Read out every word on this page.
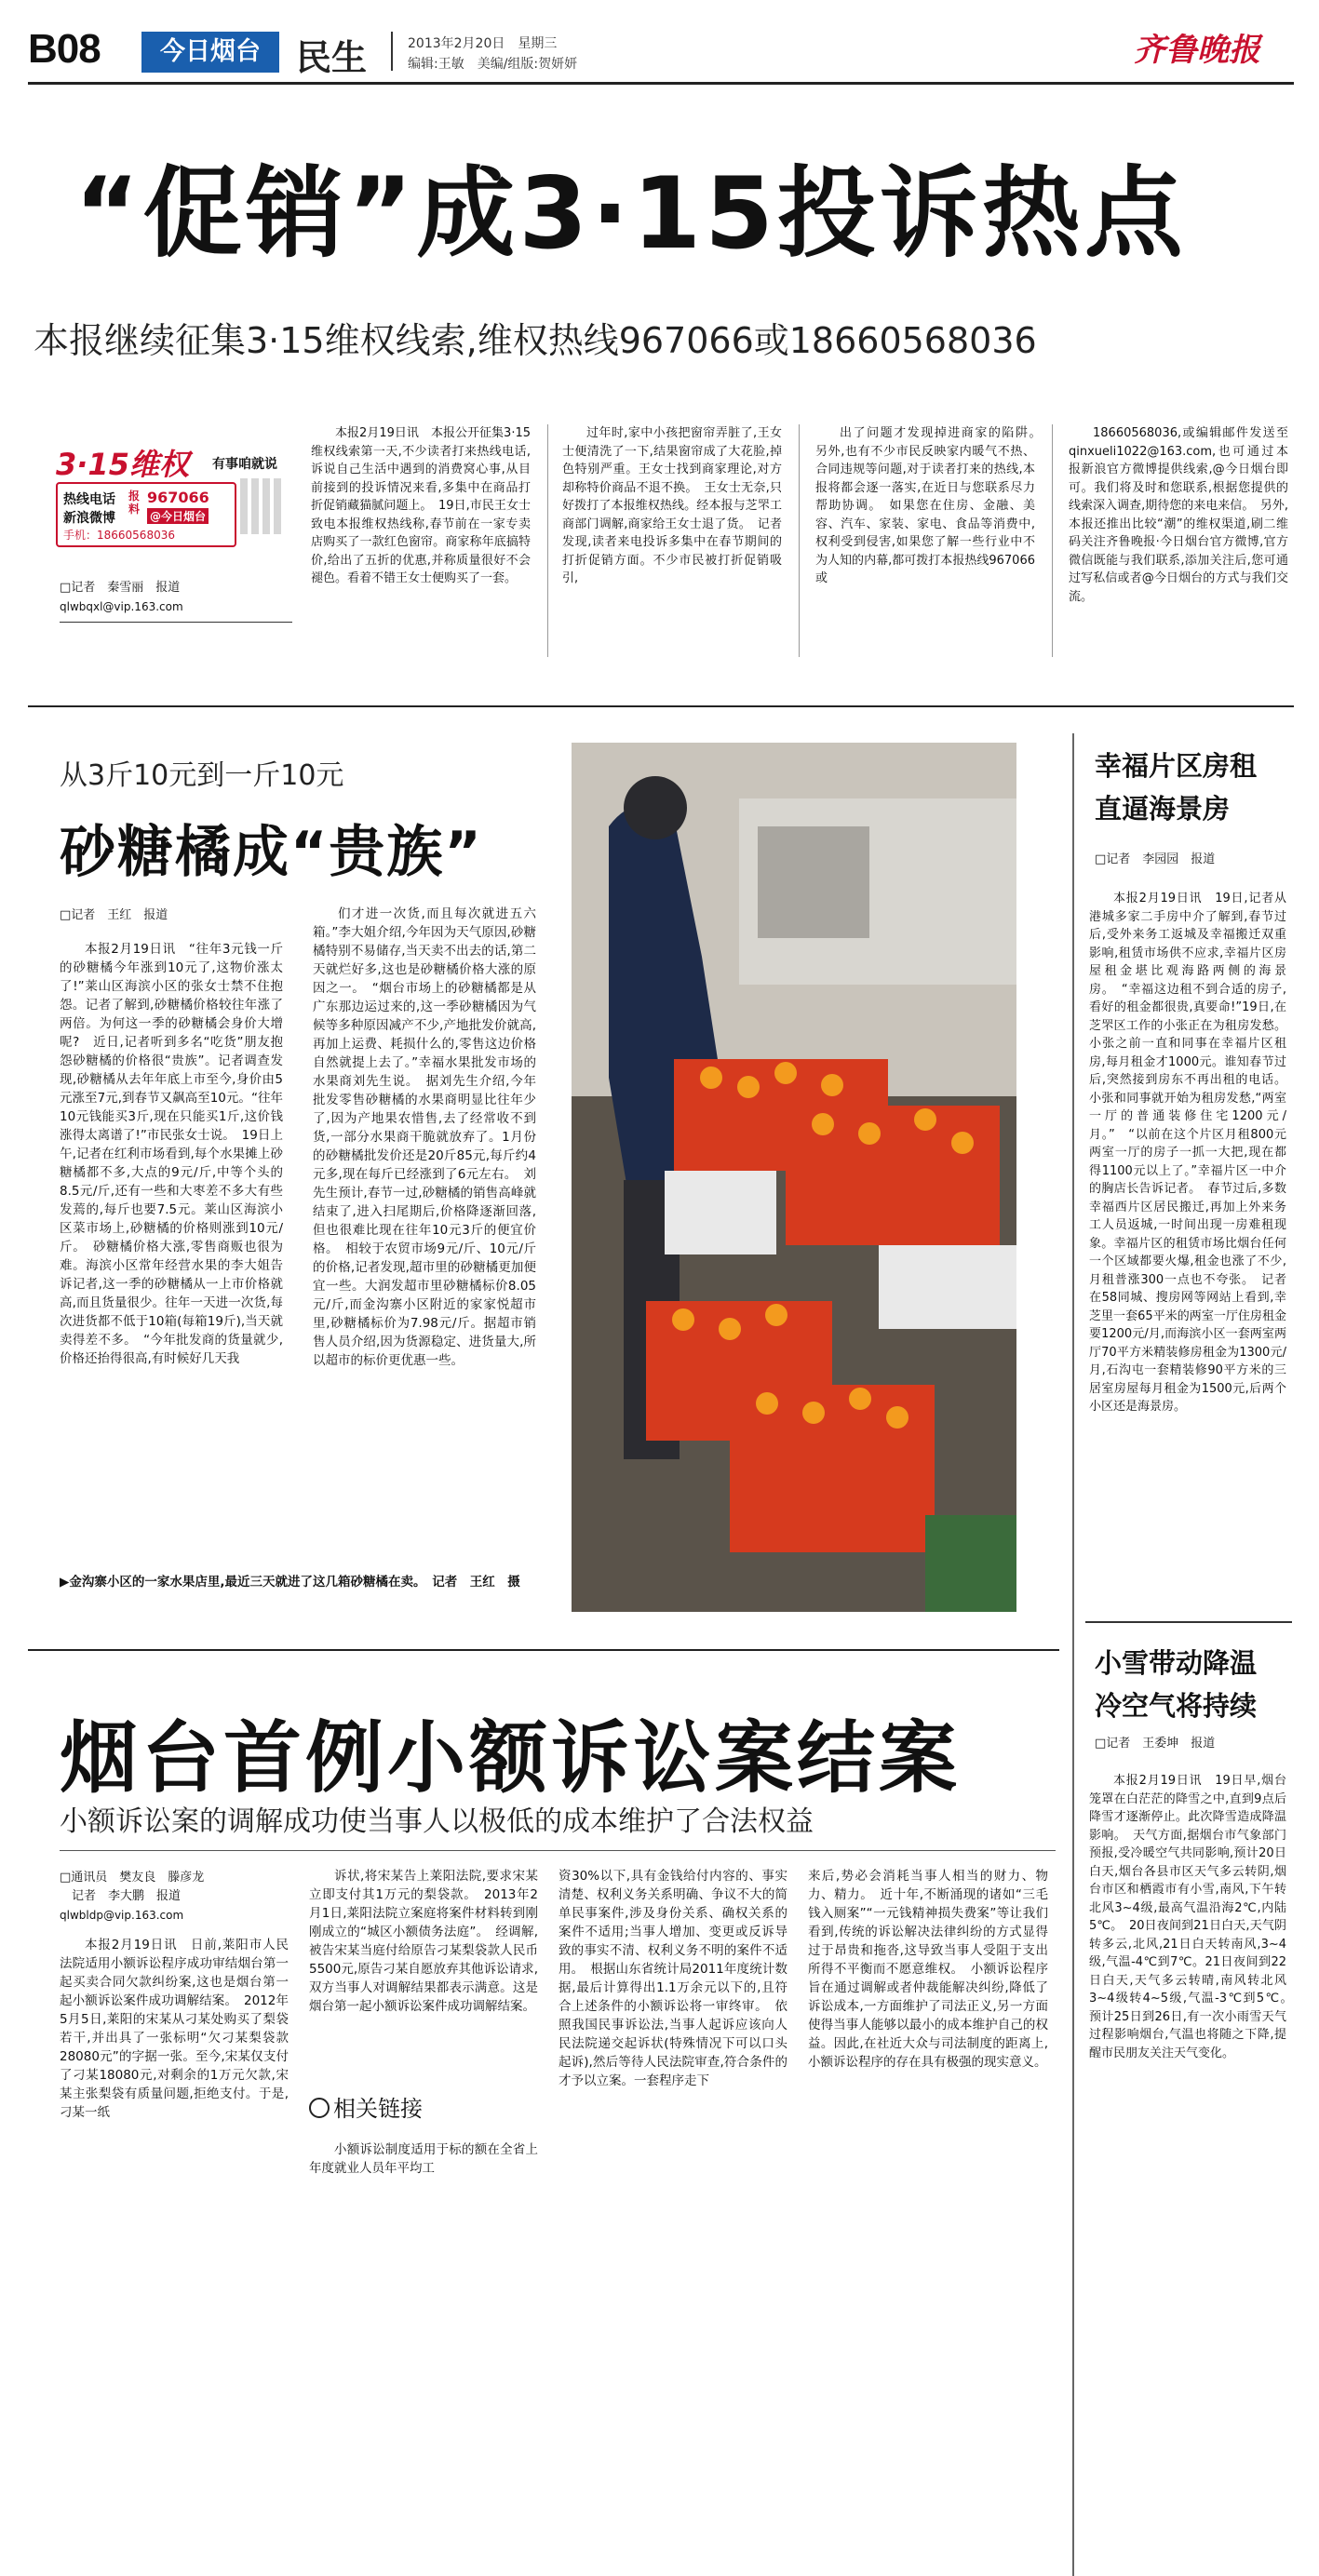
B08	今日烟台	民生	2013年2月20日　星期三
编辑:王敏　美编/组版:贺妍妍	齐鲁晚报
“促销”成3·15投诉热点
本报继续征集3·15维权线索,维权热线967066或18660568036
3·15维权 有事咱就说
热线电话
新浪微博
报料
967066
@今日烟台
手机：18660568036
□记者　秦雪丽　报道
qlwbqxl@vip.163.com

本报2月19日讯　本报公开征集3·15维权线索第一天,不少读者打来热线电话,诉说自己生活中遇到的消费窝心事,从目前接到的投诉情况来看,多集中在商品打折促销藏猫腻问题上。　19日,市民王女士致电本报维权热线称,春节前在一家专卖店购买了一款红色窗帘。商家称年底搞特价,给出了五折的优惠,并称质量很好不会褪色。看着不错王女士便购买了一套。

过年时,家中小孩把窗帘弄脏了,王女士便清洗了一下,结果窗帘成了大花脸,掉色特别严重。王女士找到商家理论,对方却称特价商品不退不换。　王女士无奈,只好拨打了本报维权热线。经本报与芝罘工商部门调解,商家给王女士退了货。　记者发现,读者来电投诉多集中在春节期间的打折促销方面。不少市民被打折促销吸引,

出了问题才发现掉进商家的陷阱。　另外,也有不少市民反映家内暖气不热、合同违规等问题,对于读者打来的热线,本报将都会逐一落实,在近日与您联系尽力帮助协调。　如果您在住房、金融、美容、汽车、家装、家电、食品等消费中,权利受到侵害,如果您了解一些行业中不为人知的内幕,都可拨打本报热线967066或

18660568036,或编辑邮件发送至qinxueli1022@163.com,也可通过本报新浪官方微博提供线索,@今日烟台即可。我们将及时和您联系,根据您提供的线索深入调查,期待您的来电来信。　另外,本报还推出比较“潮”的维权渠道,刷二维码关注齐鲁晚报·今日烟台官方微博,官方微信既能与我们联系,添加关注后,您可通过写私信或者@今日烟台的方式与我们交流。

从3斤10元到一斤10元
砂糖橘成“贵族”
□记者　王红　报道

本报2月19日讯　“往年3元钱一斤的砂糖橘今年涨到10元了,这物价涨太了!”莱山区海滨小区的张女士禁不住抱怨。记者了解到,砂糖橘价格较往年涨了两倍。为何这一季的砂糖橘会身价大增呢?　近日,记者听到多名“吃货”朋友抱怨砂糖橘的价格很“贵族”。记者调查发现,砂糖橘从去年年底上市至今,身价由5元涨至7元,到春节又飙高至10元。“往年10元钱能买3斤,现在只能买1斤,这价钱涨得太离谱了!”市民张女士说。　19日上午,记者在红利市场看到,每个水果摊上砂糖橘都不多,大点的9元/斤,中等个头的8.5元/斤,还有一些和大枣差不多大有些发蔫的,每斤也要7.5元。莱山区海滨小区菜市场上,砂糖橘的价格则涨到10元/斤。　砂糖橘价格大涨,零售商贩也很为难。海滨小区常年经营水果的李大姐告诉记者,这一季的砂糖橘从一上市价格就高,而且货量很少。往年一天进一次货,每次进货都不低于10箱(每箱19斤),当天就卖得差不多。　“今年批发商的货量就少,价格还抬得很高,有时候好几天我

们才进一次货,而且每次就进五六箱。”李大姐介绍,今年因为天气原因,砂糖橘特别不易储存,当天卖不出去的话,第二天就烂好多,这也是砂糖橘价格大涨的原因之一。　“烟台市场上的砂糖橘都是从广东那边运过来的,这一季砂糖橘因为气候等多种原因减产不少,产地批发价就高,再加上运费、耗损什么的,零售这边价格自然就提上去了。”幸福水果批发市场的水果商刘先生说。　据刘先生介绍,今年批发零售砂糖橘的水果商明显比往年少了,因为产地果农惜售,去了经常收不到货,一部分水果商干脆就放弃了。1月份的砂糖橘批发价还是20斤85元,每斤约4元多,现在每斤已经涨到了6元左右。　刘先生预计,春节一过,砂糖橘的销售高峰就结束了,进入扫尾期后,价格降逐渐回落,但也很难比现在往年10元3斤的便宜价格。　相较于农贸市场9元/斤、10元/斤的价格,记者发现,超市里的砂糖橘更加便宜一些。大润发超市里砂糖橘标价8.05元/斤,而金沟寨小区附近的家家悦超市里,砂糖橘标价为7.98元/斤。据超市销售人员介绍,因为货源稳定、进货量大,所以超市的标价更优惠一些。

▶金沟寨小区的一家水果店里,最近三天就进了这几箱砂糖橘在卖。　记者　王红　摄
幸福片区房租
直逼海景房
□记者　李园园　报道

本报2月19日讯　19日,记者从港城多家二手房中介了解到,春节过后,受外来务工返城及幸福搬迁双重影响,租赁市场供不应求,幸福片区房屋租金堪比观海路两侧的海景房。　“幸福这边租不到合适的房子,看好的租金都很贵,真要命!”19日,在芝罘区工作的小张正在为租房发愁。小张之前一直和同事在幸福片区租房,每月租金才1000元。谁知春节过后,突然接到房东不再出租的电话。小张和同事就开始为租房发愁,“两室一厅的普通装修住宅1200元/月。”　“以前在这个片区月租800元两室一厅的房子一抓一大把,现在都得1100元以上了。”幸福片区一中介的胸店长告诉记者。　春节过后,多数幸福西片区居民搬迁,再加上外来务工人员返城,一时间出现一房难租现象。幸福片区的租赁市场比烟台任何一个区域都要火爆,租金也涨了不少,月租普涨300一点也不夸张。　记者在58同城、搜房网等网站上看到,幸芝里一套65平米的两室一厅住房租金要1200元/月,而海滨小区一套两室两厅70平方米精装修房租金为1300元/月,石沟屯一套精装修90平方米的三居室房屋每月租金为1500元,后两个小区还是海景房。

小雪带动降温
冷空气将持续
□记者　王委坤　报道

本报2月19日讯　19日早,烟台笼罩在白茫茫的降雪之中,直到9点后降雪才逐渐停止。此次降雪造成降温影响。　天气方面,据烟台市气象部门预报,受冷暖空气共同影响,预计20日白天,烟台各县市区天气多云转阴,烟台市区和栖霞市有小雪,南风,下午转北风3~4级,最高气温沿海2℃,内陆5℃。　20日夜间到21日白天,天气阴转多云,北风,21日白天转南风,3~4级,气温-4℃到7℃。21日夜间到22日白天,天气多云转晴,南风转北风3~4级转4~5级,气温-3℃到5℃。　预计25日到26日,有一次小雨雪天气过程影响烟台,气温也将随之下降,提醒市民朋友关注天气变化。

烟台首例小额诉讼案结案
小额诉讼案的调解成功使当事人以极低的成本维护了合法权益
□通讯员　樊友良　滕彦龙
　记者　李大鹏　报道
qlwbldp@vip.163.com

本报2月19日讯　日前,莱阳市人民法院适用小额诉讼程序成功审结烟台第一起买卖合同欠款纠纷案,这也是烟台第一起小额诉讼案件成功调解结案。　2012年5月5日,莱阳的宋某从刁某处购买了梨袋若干,并出具了一张标明“欠刁某梨袋款28080元”的字据一张。至今,宋某仅支付了刁某18080元,对剩余的1万元欠款,宋某主张梨袋有质量问题,拒绝支付。于是,刁某一纸

诉状,将宋某告上莱阳法院,要求宋某立即支付其1万元的梨袋款。　2013年2月1日,莱阳法院立案庭将案件材料转到刚刚成立的“城区小额债务法庭”。　经调解,被告宋某当庭付给原告刁某梨袋款人民币5500元,原告刁某自愿放弃其他诉讼请求,双方当事人对调解结果都表示满意。这是烟台第一起小额诉讼案件成功调解结案。

相关链接

小额诉讼制度适用于标的额在全省上年度就业人员年平均工

资30%以下,具有金钱给付内容的、事实清楚、权利义务关系明确、争议不大的简单民事案件,涉及身份关系、确权关系的案件不适用;当事人增加、变更或反诉导致的事实不清、权利义务不明的案件不适用。　根据山东省统计局2011年度统计数据,最后计算得出1.1万余元以下的,且符合上述条件的小额诉讼将一审终审。　依照我国民事诉讼法,当事人起诉应该向人民法院递交起诉状(特殊情况下可以口头起诉),然后等待人民法院审查,符合条件的才予以立案。一套程序走下

来后,势必会消耗当事人相当的财力、物力、精力。　近十年,不断涌现的诸如“三毛钱入厕案”“一元钱精神损失费案”等让我们看到,传统的诉讼解决法律纠纷的方式显得过于昂贵和拖沓,这导致当事人受阻于支出所得不平衡而不愿意维权。　小额诉讼程序旨在通过调解或者仲裁能解决纠纷,降低了诉讼成本,一方面维护了司法正义,另一方面使得当事人能够以最小的成本维护自己的权益。因此,在社近大众与司法制度的距离上,小额诉讼程序的存在具有极强的现实意义。
